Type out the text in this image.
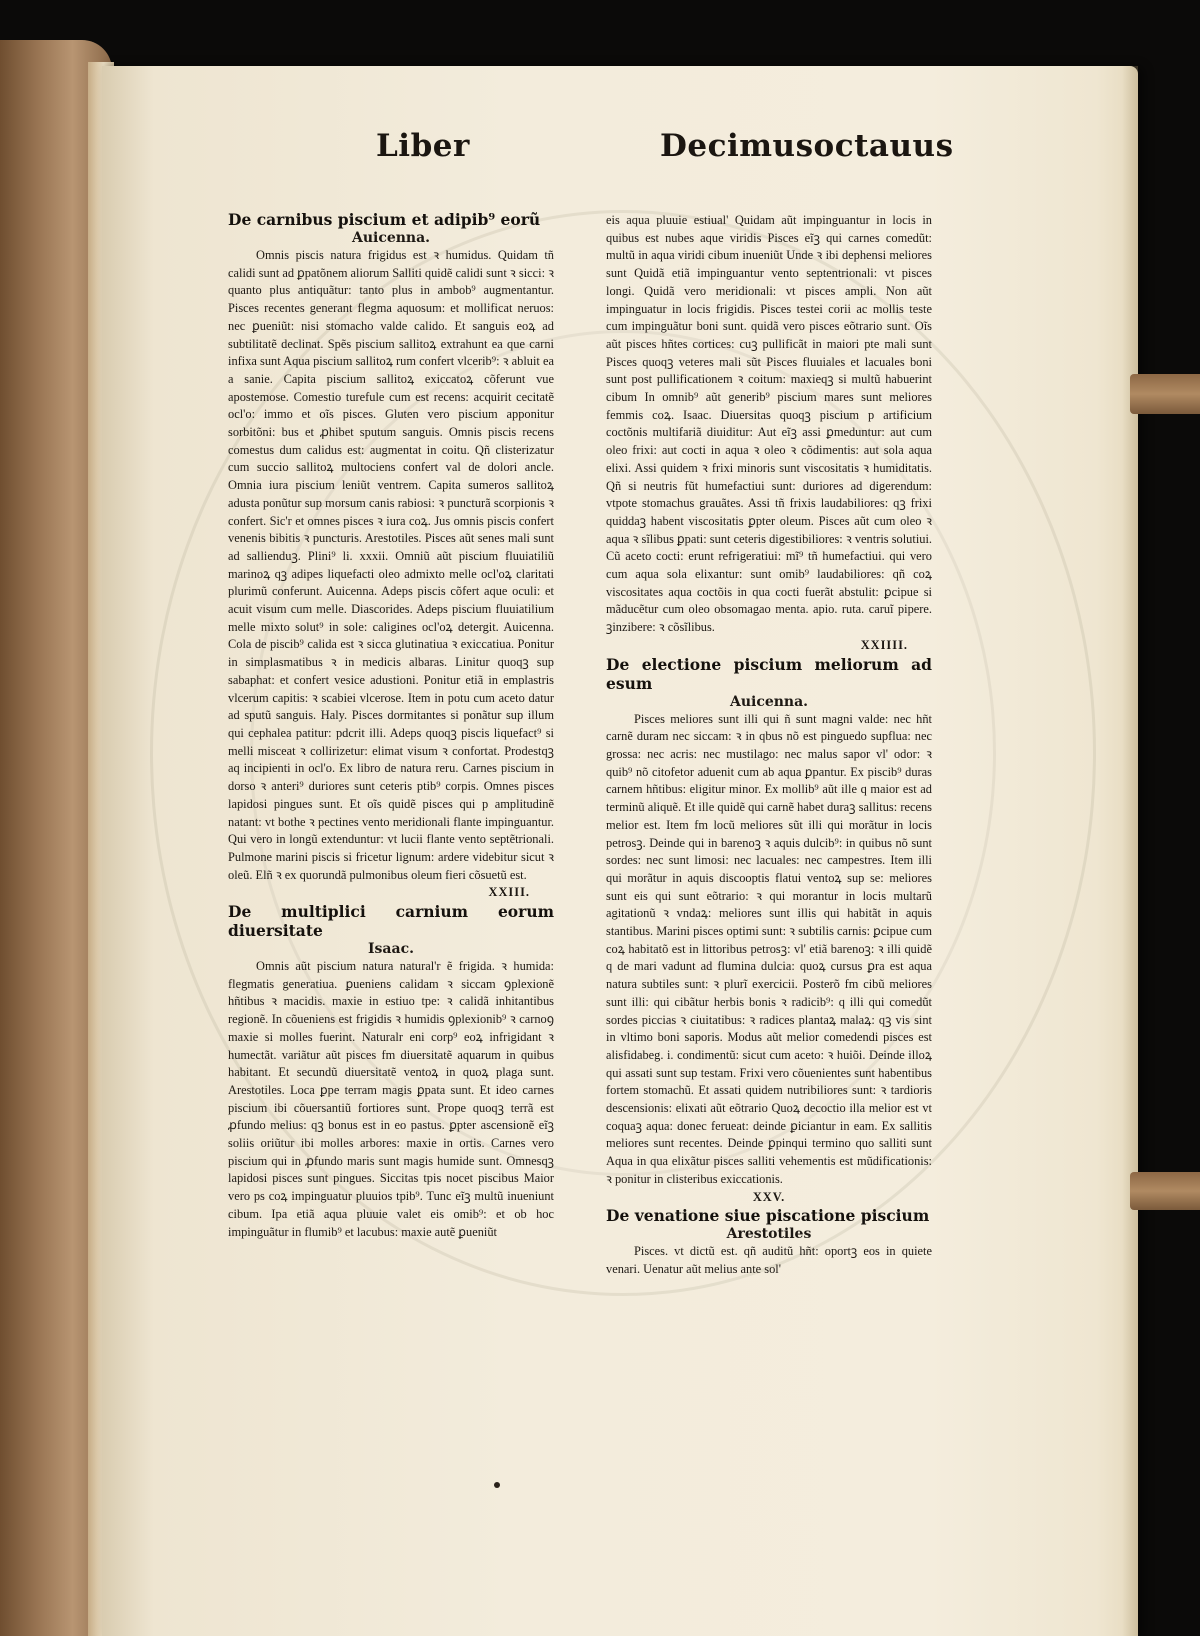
Liber	Decimusoctauus

De carnibus piscium et adipib⁹ eorũ

Auicenna.

Omnis piscis natura frigidus est ꝛ humidus. Quidam tñ calidi sunt ad ꝑpatõnem aliorum Salliti quidẽ calidi sunt ꝛ sicci: ꝛ quanto plus antiquãtur: tanto plus in ambob⁹ augmentantur. Pisces recentes generant flegma aquosum: et mollificat neruos: nec ꝑueniũt: nisi stomacho valde calido. Et sanguis eoꝝ ad subtilitatẽ declinat. Spẽs piscium sallitoꝝ extrahunt ea que carni infixa sunt Aqua piscium sallitoꝝ rum confert vlcerib⁹: ꝛ abluit ea a sanie. Capita piscium sallitoꝝ exiccatoꝝ cõferunt vue apostemose. Comestio turefule cum est recens: acquirit cecitatẽ ocl'o: immo et oĩs pisces. Gluten vero piscium apponitur sorbitõni: bus et ꝓhibet sputum sanguis. Omnis piscis recens comestus dum calidus est: augmentat in coitu. Qñ clisterizatur cum succio sallitoꝝ multociens confert val de dolori ancle. Omnia iura piscium leniũt ventrem. Capita sumeros sallitoꝝ adusta ponũtur sup morsum canis rabiosi: ꝛ puncturã scorpionis ꝛ confert. Sic'r et omnes pisces ꝛ iura coꝝ. Jus omnis piscis confert venenis bibitis ꝛ puncturis. Arestotiles. Pisces aũt senes mali sunt ad sallienduꝫ. Plini⁹ li. xxxii. Omniũ aũt piscium fluuiatiliũ marinoꝝ qꝫ adipes liquefacti oleo admixto melle ocl'oꝝ claritati plurimũ conferunt. Auicenna. Adeps piscis cõfert aque oculi: et acuit visum cum melle. Diascorides. Adeps piscium fluuiatilium melle mixto solut⁹ in sole: caligines ocl'oꝝ detergit. Auicenna. Cola de piscib⁹ calida est ꝛ sicca glutinatiua ꝛ exiccatiua. Ponitur in simplasmatibus ꝛ in medicis albaras. Linitur quoqꝫ sup sabaphat: et confert vesice adustioni. Ponitur etiã in emplastris vlcerum capitis: ꝛ scabiei vlcerose. Item in potu cum aceto datur ad sputũ sanguis. Haly. Pisces dormitantes si ponãtur sup illum qui cephalea patitur: pdcrit illi. Adeps quoqꝫ piscis liquefact⁹ si melli misceat ꝛ collirizetur: elimat visum ꝛ confortat. Prodestqꝫ aq incipienti in ocl'o. Ex libro de natura reru. Carnes piscium in dorso ꝛ anteri⁹ duriores sunt ceteris ptib⁹ corpis. Omnes pisces lapidosi pingues sunt. Et oĩs quidẽ pisces qui p amplitudinẽ natant: vt bothe ꝛ pectines vento meridionali flante impinguantur. Qui vero in longũ extenduntur: vt lucii flante vento septẽtrionali. Pulmone marini piscis si fricetur lignum: ardere videbitur sicut ꝛ oleũ. Elñ ꝛ ex quorundã pulmonibus oleum fieri cõsuetũ est.

XXIII.

De multiplici carnium eorum diuersitate

Isaac.

Omnis aũt piscium natura natural'r ẽ frigida. ꝛ humida: flegmatis generatiua. ꝑueniens calidam ꝛ siccam ꝯplexionẽ hñtibus ꝛ macidis. maxie in estiuo tpe: ꝛ calidã inhitantibus regionẽ. In cõueniens est frigidis ꝛ humidis ꝯplexionib⁹ ꝛ carnoꝯ maxie si molles fuerint. Naturalr eni corp⁹ eoꝝ infrigidant ꝛ humectãt. variãtur aũt pisces fm diuersitatẽ aquarum in quibus habitant. Et secundũ diuersitatẽ ventoꝝ in quoꝝ plaga sunt. Arestotiles. Loca ꝑpe terram magis ꝑpata sunt. Et ideo carnes piscium ibi cõuersantiũ fortiores sunt. Prope quoqꝫ terrã est ꝓfundo melius: qꝫ bonus est in eo pastus. ꝑpter ascensionẽ eĩꝫ soliis oriũtur ibi molles arbores: maxie in ortis. Carnes vero piscium qui in ꝓfundo maris sunt magis humide sunt. Omnesqꝫ lapidosi pisces sunt pingues. Siccitas tpis nocet piscibus Maior vero ps coꝝ impinguatur pluuios tpib⁹. Tunc eĩꝫ multũ inueniunt cibum. Ipa etiã aqua pluuie valet eis omib⁹: et ob hoc impinguãtur in flumib⁹ et lacubus: maxie autẽ ꝑueniũt

eis aqua pluuie estiual' Quidam aũt impinguantur in locis in quibus est nubes aque viridis Pisces eĩꝫ qui carnes comedũt: multũ in aqua viridi cibum inueniũt Unde ꝛ ibi dephensi meliores sunt Quidã etiã impinguantur vento septentrionali: vt pisces longi. Quidã vero meridionali: vt pisces ampli. Non aũt impinguatur in locis frigidis. Pisces testei corii ac mollis teste cum impinguãtur boni sunt. quidã vero pisces eõtrario sunt. Oĩs aũt pisces hñtes cortices: cuꝫ pullificãt in maiori pte mali sunt Pisces quoqꝫ veteres mali sũt Pisces fluuiales et lacuales boni sunt post pullificationem ꝛ coitum: maxieqꝫ si multũ habuerint cibum In omnib⁹ aũt generib⁹ piscium mares sunt meliores femmis coꝝ. Isaac. Diuersitas quoqꝫ piscium p artificium coctõnis multifariã diuiditur: Aut eĩꝫ assi ꝑmeduntur: aut cum oleo frixi: aut cocti in aqua ꝛ oleo ꝛ cõdimentis: aut sola aqua elixi. Assi quidem ꝛ frixi minoris sunt viscositatis ꝛ humiditatis. Qñ si neutris fũt humefactiui sunt: duriores ad digerendum: vtpote stomachus grauãtes. Assi tñ frixis laudabiliores: qꝫ frixi quiddaꝫ habent viscositatis ꝑpter oleum. Pisces aũt cum oleo ꝛ aqua ꝛ sĩlibus ꝑpati: sunt ceteris digestibiliores: ꝛ ventris solutiui. Cũ aceto cocti: erunt refrigeratiui: mĩ⁹ tñ humefactiui. qui vero cum aqua sola elixantur: sunt omib⁹ laudabiliores: qñ coꝝ viscositates aqua coctõis in qua cocti fuerãt abstulit: ꝑcipue si mãducẽtur cum oleo obsomagao menta. apio. ruta. caruĩ pipere. ꝫinzibere: ꝛ cõsĩlibus.

XXIIII.

De electione piscium meliorum ad esum

Auicenna.

Pisces meliores sunt illi qui ñ sunt magni valde: nec hñt carnẽ duram nec siccam: ꝛ in qbus nõ est pinguedo supflua: nec grossa: nec acris: nec mustilago: nec malus sapor vl' odor: ꝛ quib⁹ nõ citofetor aduenit cum ab aqua ꝑpantur. Ex piscib⁹ duras carnem hñtibus: eligitur minor. Ex mollib⁹ aũt ille q maior est ad terminũ aliquẽ. Et ille quidẽ qui carnẽ habet duraꝫ sallitus: recens melior est. Item fm locũ meliores sũt illi qui morãtur in locis petrosꝫ. Deinde qui in barenoꝫ ꝛ aquis dulcib⁹: in quibus nõ sunt sordes: nec sunt limosi: nec lacuales: nec campestres. Item illi qui morãtur in aquis discooptis flatui ventoꝝ sup se: meliores sunt eis qui sunt eõtrario: ꝛ qui morantur in locis multarũ agitationũ ꝛ vndaꝝ: meliores sunt illis qui habitãt in aquis stantibus. Marini pisces optimi sunt: ꝛ subtilis carnis: ꝑcipue cum coꝝ habitatõ est in littoribus petrosꝫ: vl' etiã barenoꝫ: ꝛ illi quidẽ q de mari vadunt ad flumina dulcia: quoꝝ cursus ꝑra est aqua natura subtiles sunt: ꝛ plurĩ exercicii. Posterõ fm cibũ meliores sunt illi: qui cibãtur herbis bonis ꝛ radicib⁹: q illi qui comedũt sordes piccias ꝛ ciuitatibus: ꝛ radices plantaꝝ malaꝝ: qꝫ vis sint in vltimo boni saporis. Modus aũt melior comedendi pisces est alisfidabeg. i. condimentũ: sicut cum aceto: ꝛ huiõi. Deinde illoꝝ qui assati sunt sup testam. Frixi vero cõuenientes sunt habentibus fortem stomachũ. Et assati quidem nutribiliores sunt: ꝛ tardioris descensionis: elixati aũt eõtrario Quoꝝ decoctio illa melior est vt coquaꝫ aqua: donec ferueat: deinde ꝑiciantur in eam. Ex sallitis meliores sunt recentes. Deinde ꝑpinqui termino quo salliti sunt Aqua in qua elixãtur pisces salliti vehementis est mũdificationis: ꝛ ponitur in clisteribus exiccationis.

XXV.

De venatione siue piscatione piscium

Arestotiles

Pisces. vt dictũ est. qñ auditũ hñt: oportꝫ eos in quiete venari. Uenatur aũt melius ante sol'
